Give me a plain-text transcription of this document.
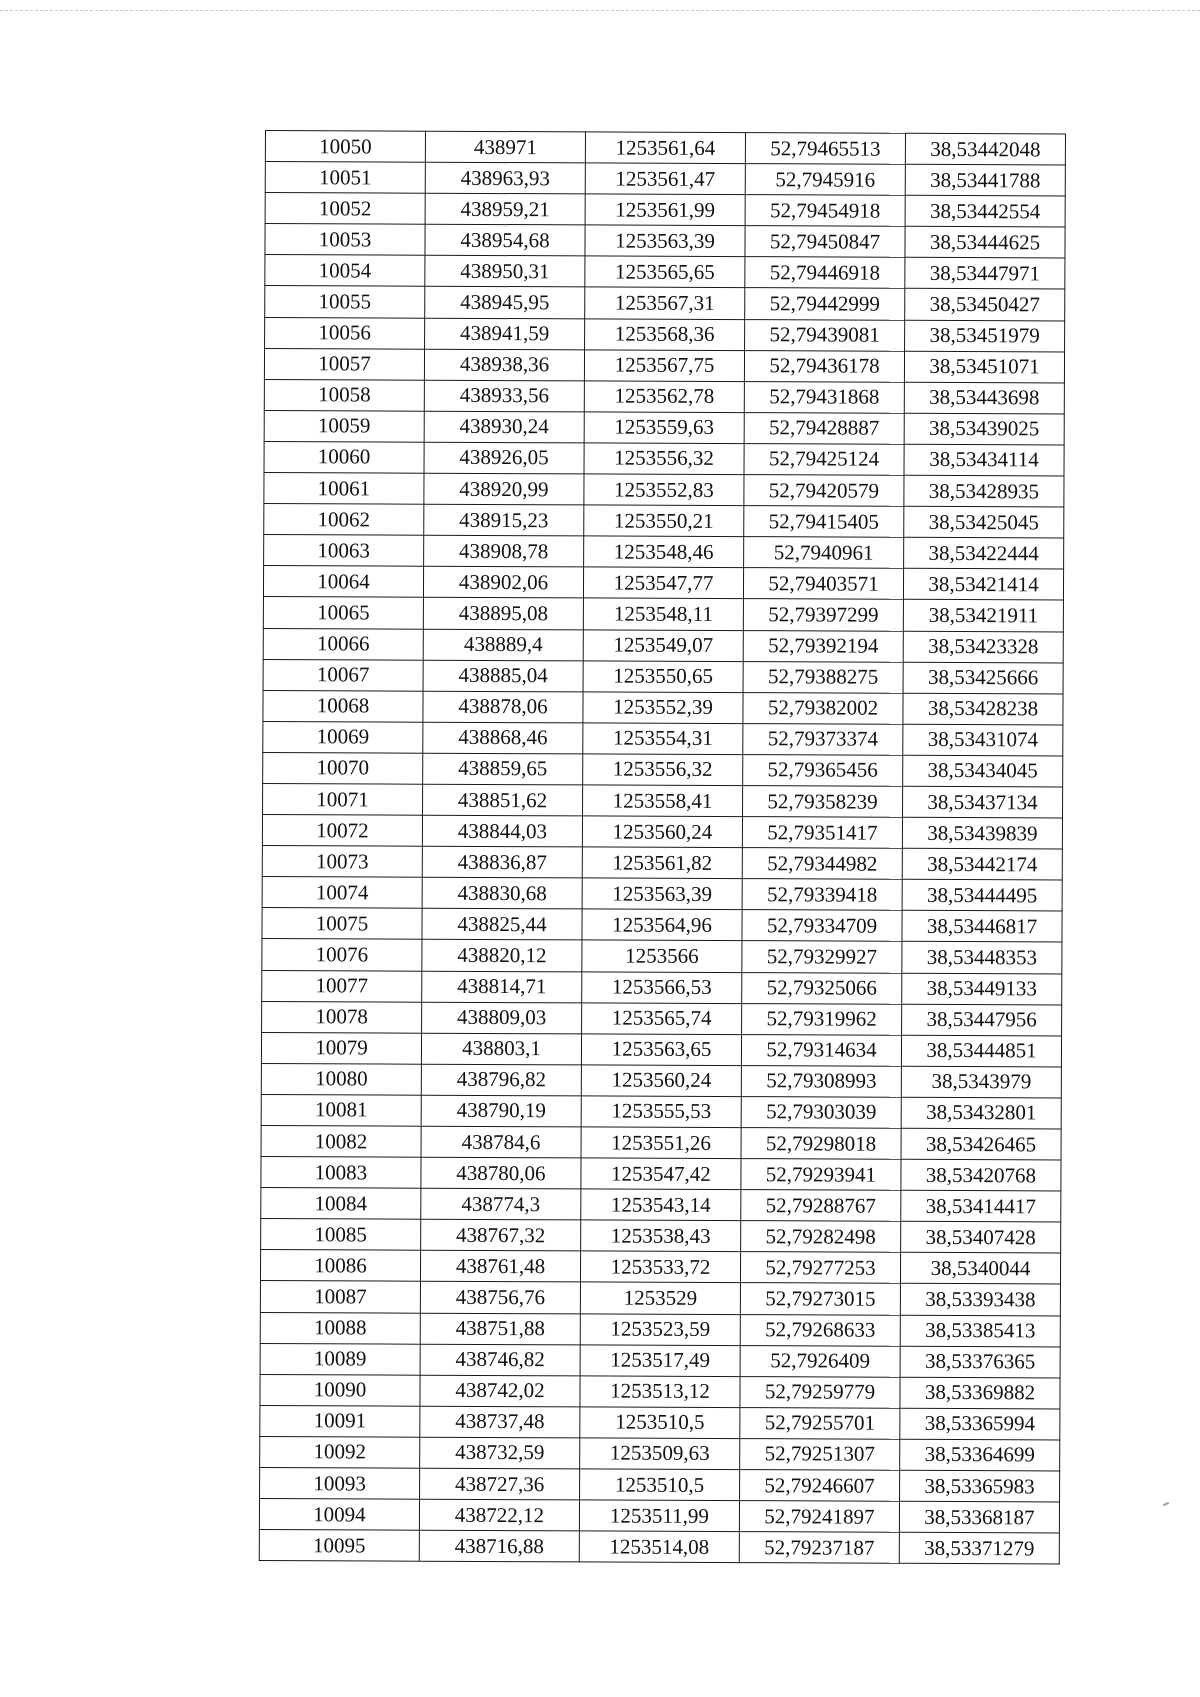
10050	438971	1253561,64	52,79465513	38,53442048
10051	438963,93	1253561,47	52,7945916	38,53441788
10052	438959,21	1253561,99	52,79454918	38,53442554
10053	438954,68	1253563,39	52,79450847	38,53444625
10054	438950,31	1253565,65	52,79446918	38,53447971
10055	438945,95	1253567,31	52,79442999	38,53450427
10056	438941,59	1253568,36	52,79439081	38,53451979
10057	438938,36	1253567,75	52,79436178	38,53451071
10058	438933,56	1253562,78	52,79431868	38,53443698
10059	438930,24	1253559,63	52,79428887	38,53439025
10060	438926,05	1253556,32	52,79425124	38,53434114
10061	438920,99	1253552,83	52,79420579	38,53428935
10062	438915,23	1253550,21	52,79415405	38,53425045
10063	438908,78	1253548,46	52,7940961	38,53422444
10064	438902,06	1253547,77	52,79403571	38,53421414
10065	438895,08	1253548,11	52,79397299	38,53421911
10066	438889,4	1253549,07	52,79392194	38,53423328
10067	438885,04	1253550,65	52,79388275	38,53425666
10068	438878,06	1253552,39	52,79382002	38,53428238
10069	438868,46	1253554,31	52,79373374	38,53431074
10070	438859,65	1253556,32	52,79365456	38,53434045
10071	438851,62	1253558,41	52,79358239	38,53437134
10072	438844,03	1253560,24	52,79351417	38,53439839
10073	438836,87	1253561,82	52,79344982	38,53442174
10074	438830,68	1253563,39	52,79339418	38,53444495
10075	438825,44	1253564,96	52,79334709	38,53446817
10076	438820,12	1253566	52,79329927	38,53448353
10077	438814,71	1253566,53	52,79325066	38,53449133
10078	438809,03	1253565,74	52,79319962	38,53447956
10079	438803,1	1253563,65	52,79314634	38,53444851
10080	438796,82	1253560,24	52,79308993	38,5343979
10081	438790,19	1253555,53	52,79303039	38,53432801
10082	438784,6	1253551,26	52,79298018	38,53426465
10083	438780,06	1253547,42	52,79293941	38,53420768
10084	438774,3	1253543,14	52,79288767	38,53414417
10085	438767,32	1253538,43	52,79282498	38,53407428
10086	438761,48	1253533,72	52,79277253	38,5340044
10087	438756,76	1253529	52,79273015	38,53393438
10088	438751,88	1253523,59	52,79268633	38,53385413
10089	438746,82	1253517,49	52,7926409	38,53376365
10090	438742,02	1253513,12	52,79259779	38,53369882
10091	438737,48	1253510,5	52,79255701	38,53365994
10092	438732,59	1253509,63	52,79251307	38,53364699
10093	438727,36	1253510,5	52,79246607	38,53365983
10094	438722,12	1253511,99	52,79241897	38,53368187
10095	438716,88	1253514,08	52,79237187	38,53371279
